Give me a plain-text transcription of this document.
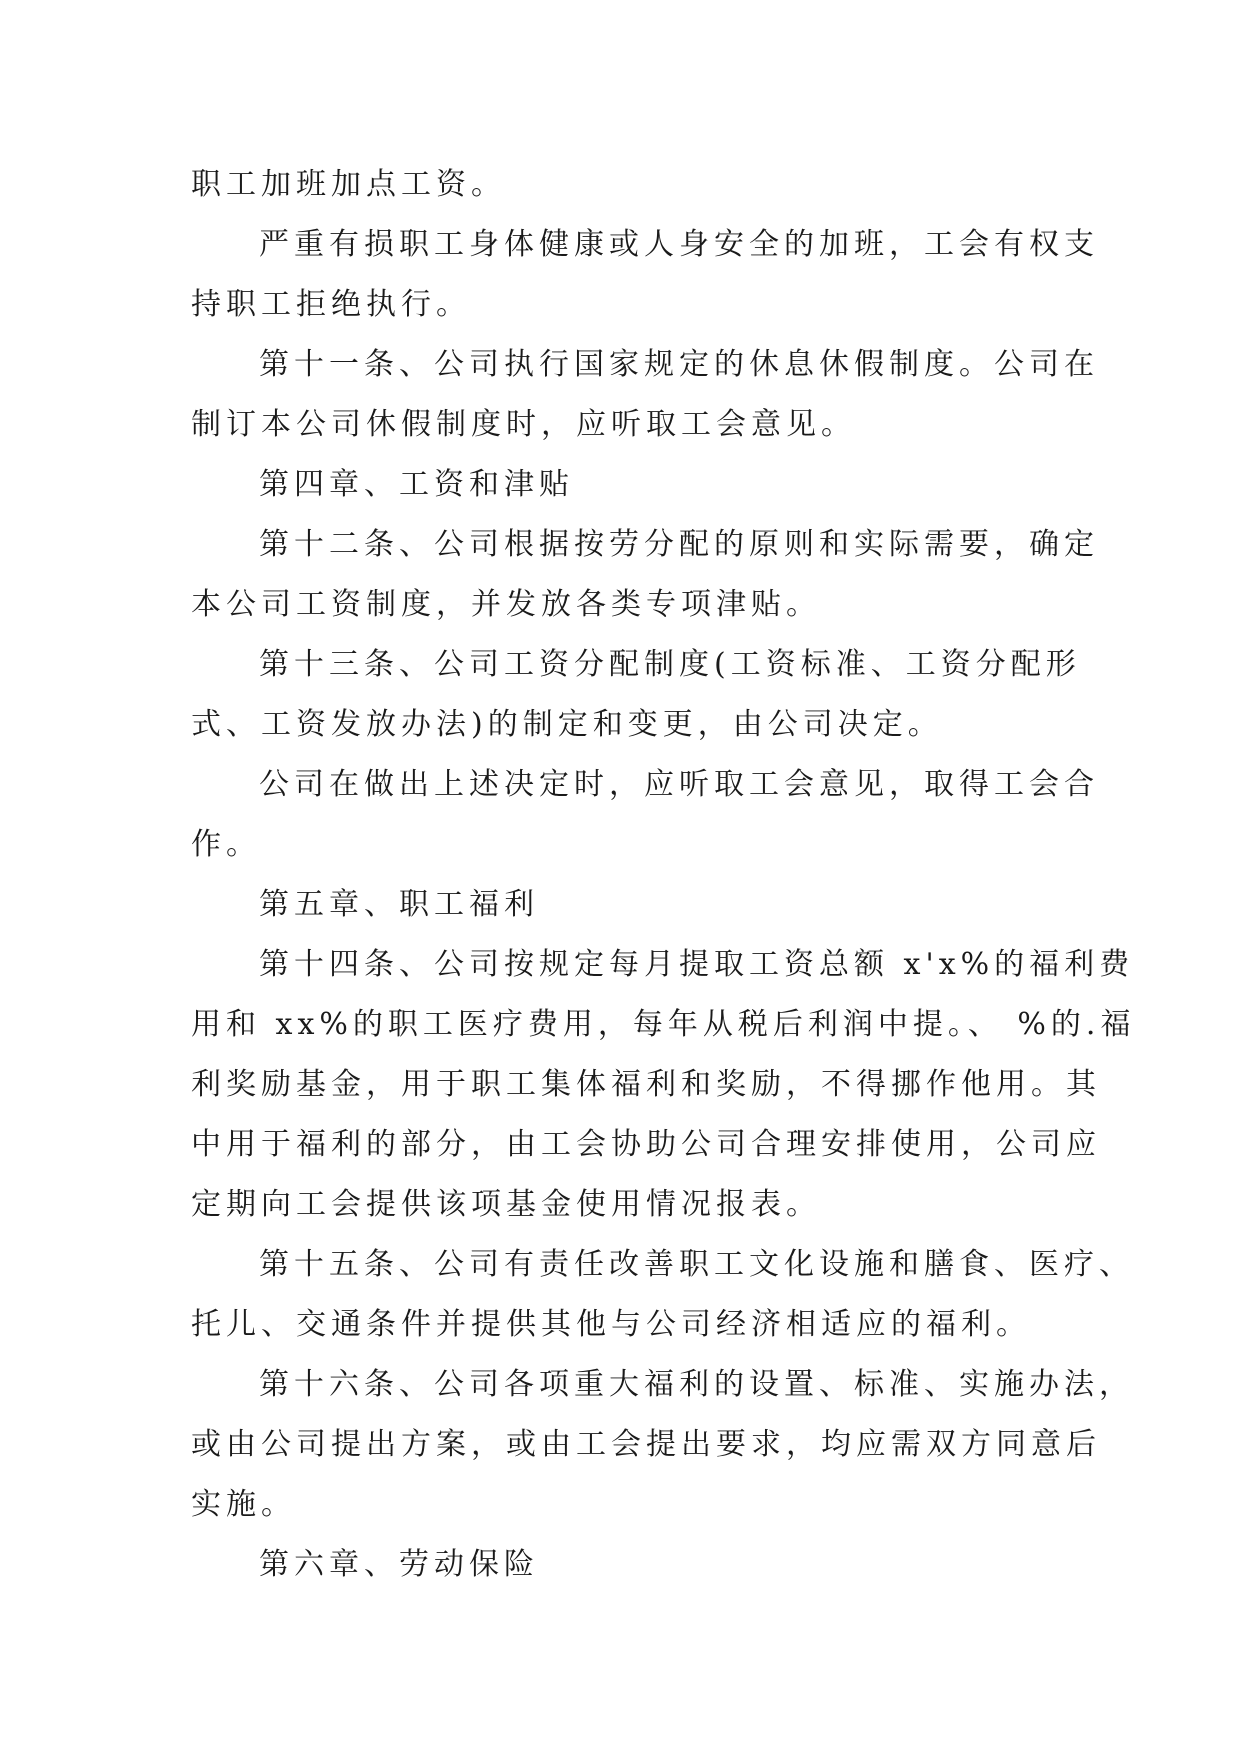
职工加班加点工资。
严重有损职工身体健康或人身安全的加班，工会有权支
持职工拒绝执行。
第十一条、公司执行国家规定的休息休假制度。公司在
制订本公司休假制度时，应听取工会意见。
第四章、工资和津贴
第十二条、公司根据按劳分配的原则和实际需要，确定
本公司工资制度，并发放各类专项津贴。
第十三条、公司工资分配制度(工资标准、工资分配形
式、工资发放办法)的制定和变更，由公司决定。
公司在做出上述决定时，应听取工会意见，取得工会合
作。
第五章、职工福利
第十四条、公司按规定每月提取工资总额 x'x%的福利费
用和 xx%的职工医疗费用，每年从税后利润中提。、 %的.福
利奖励基金，用于职工集体福利和奖励，不得挪作他用。其
中用于福利的部分，由工会协助公司合理安排使用，公司应
定期向工会提供该项基金使用情况报表。
第十五条、公司有责任改善职工文化设施和膳食、医疗、
托儿、交通条件并提供其他与公司经济相适应的福利。
第十六条、公司各项重大福利的设置、标准、实施办法，
或由公司提出方案，或由工会提出要求，均应需双方同意后
实施。
第六章、劳动保险
